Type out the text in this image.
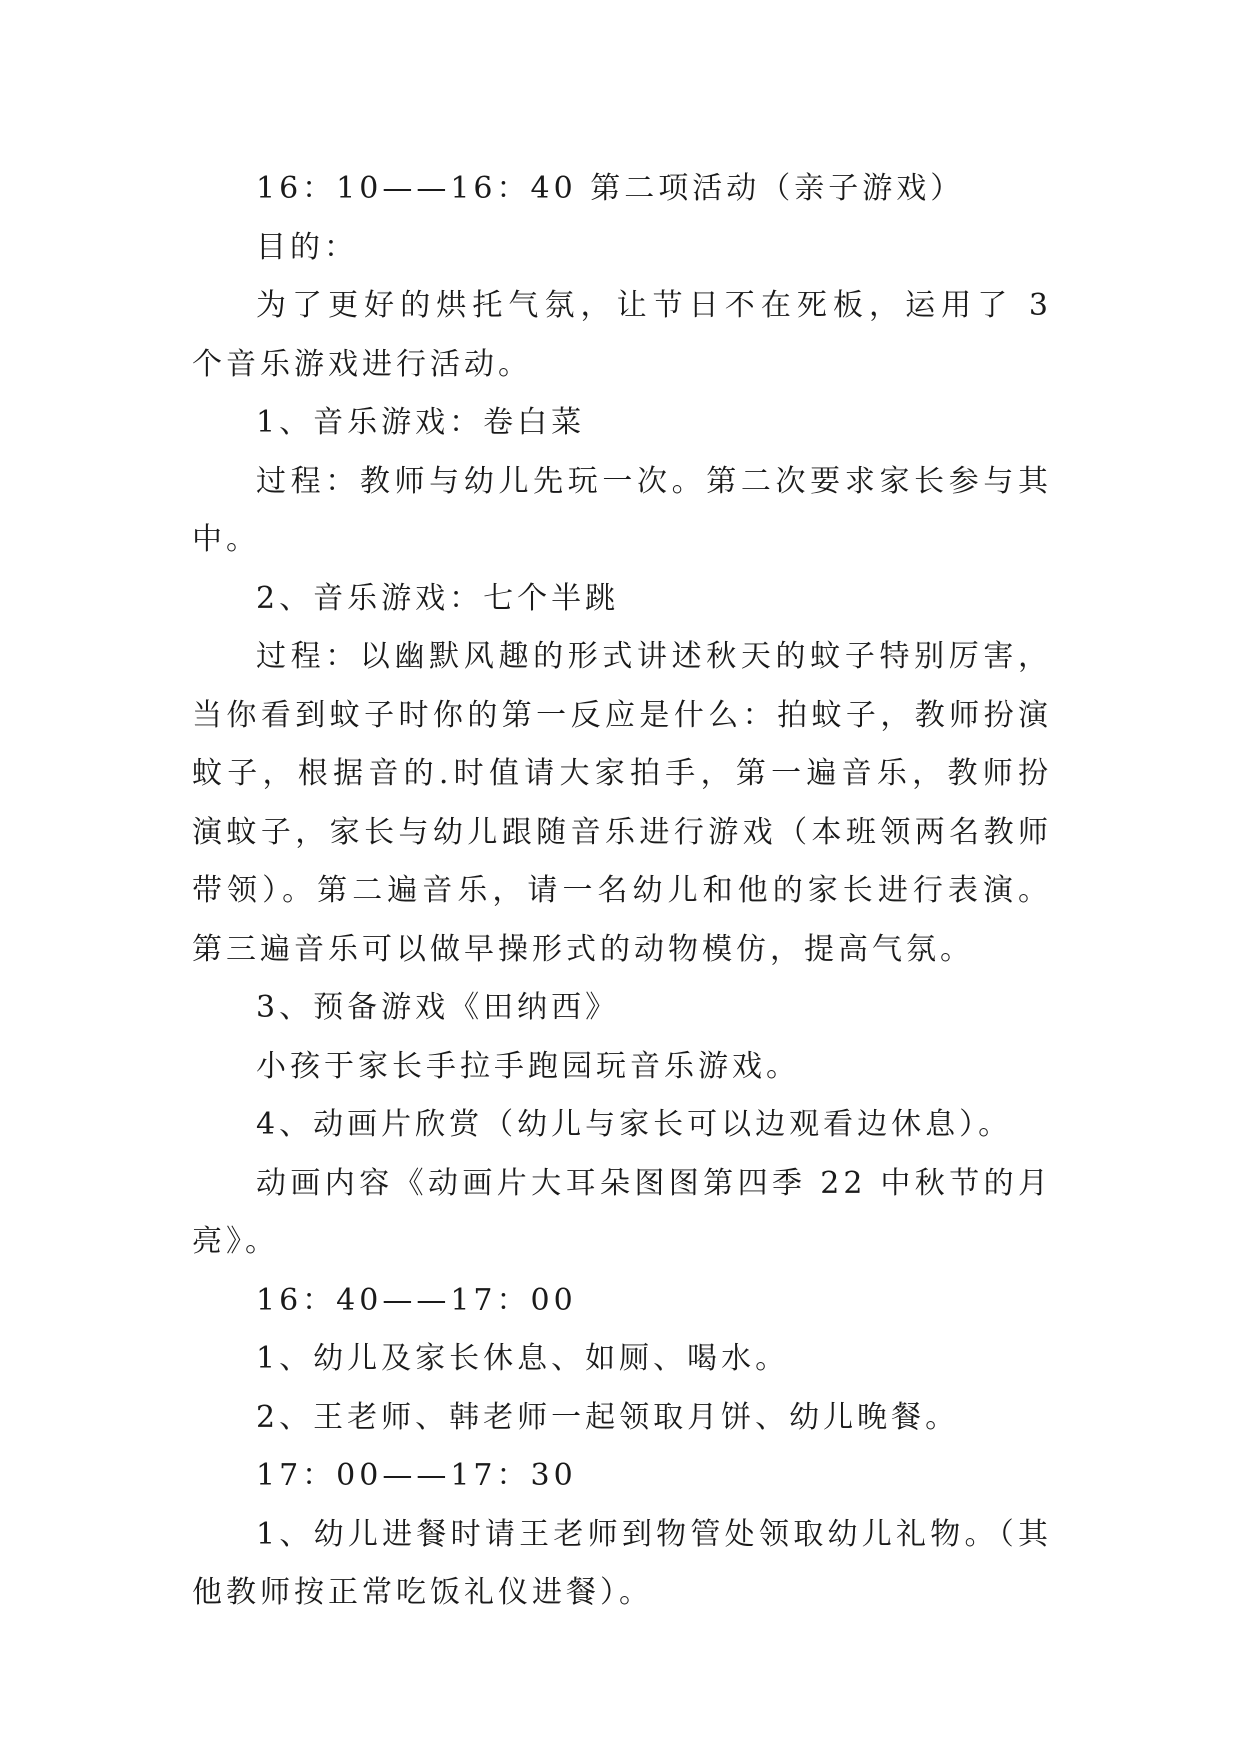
16：10——16：40 第二项活动（亲子游戏）

目的：

为了更好的烘托气氛，让节日不在死板，运用了 3 个音乐游戏进行活动。

1、音乐游戏：卷白菜

过程：教师与幼儿先玩一次。第二次要求家长参与其中。

2、音乐游戏：七个半跳

过程：以幽默风趣的形式讲述秋天的蚊子特别厉害，当你看到蚊子时你的第一反应是什么：拍蚊子，教师扮演蚊子，根据音的.时值请大家拍手，第一遍音乐，教师扮演蚊子，家长与幼儿跟随音乐进行游戏（本班领两名教师带领）。第二遍音乐，请一名幼儿和他的家长进行表演。第三遍音乐可以做早操形式的动物模仿，提高气氛。

3、预备游戏《田纳西》

小孩于家长手拉手跑园玩音乐游戏。

4、动画片欣赏（幼儿与家长可以边观看边休息）。

动画内容《动画片大耳朵图图第四季 22 中秋节的月亮》。

16：40——17：00

1、幼儿及家长休息、如厕、喝水。

2、王老师、韩老师一起领取月饼、幼儿晚餐。

17：00——17：30

1、幼儿进餐时请王老师到物管处领取幼儿礼物。（其他教师按正常吃饭礼仪进餐）。
